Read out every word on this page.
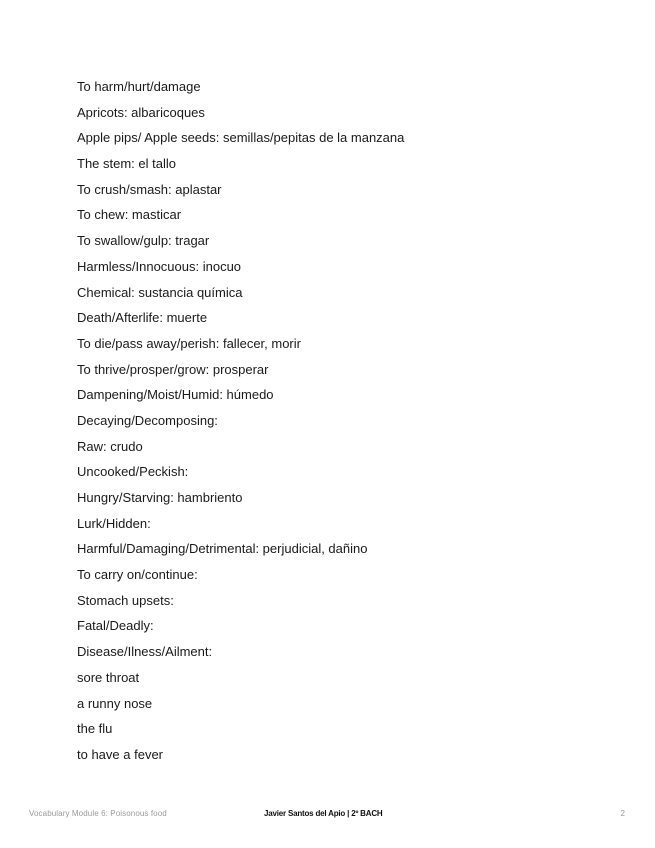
To harm/hurt/damage
Apricots: albaricoques
Apple pips/ Apple seeds: semillas/pepitas de la manzana
The stem: el tallo
To crush/smash: aplastar
To chew: masticar
To swallow/gulp: tragar
Harmless/Innocuous: inocuo
Chemical: sustancia química
Death/Afterlife: muerte
To die/pass away/perish: fallecer, morir
To thrive/prosper/grow: prosperar
Dampening/Moist/Humid: húmedo
Decaying/Decomposing:
Raw: crudo
Uncooked/Peckish:
Hungry/Starving: hambriento
Lurk/Hidden:
Harmful/Damaging/Detrimental: perjudicial, dañino
To carry on/continue:
Stomach upsets:
Fatal/Deadly:
Disease/Ilness/Ailment:
sore throat
a runny nose
the flu
to have a fever
Vocabulary Module 6: Poisonous food	Javier Santos del Apio | 2º BACH	2
